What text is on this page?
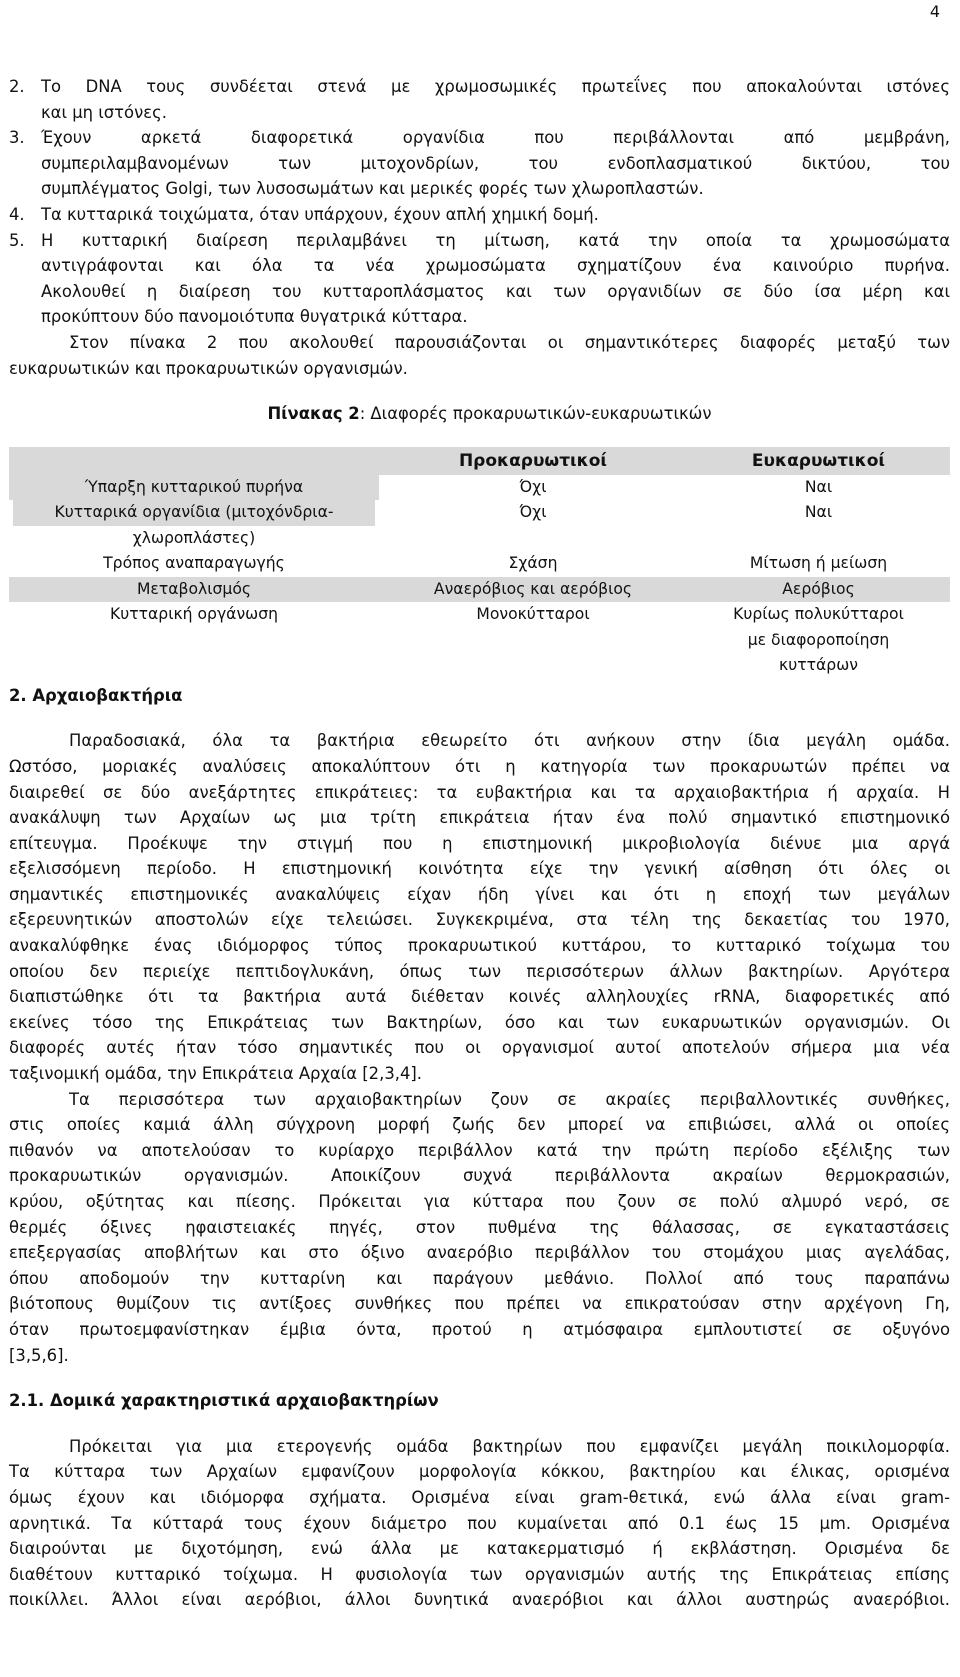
4
2. Το DNA τους συνδέεται στενά με χρωμοσωμικές πρωτεΐνες που αποκαλούνται ιστόνες
και μη ιστόνες.
3. Έχουν αρκετά διαφορετικά οργανίδια που περιβάλλονται από μεμβράνη,
συμπεριλαμβανομένων των μιτοχονδρίων, του ενδοπλασματικού δικτύου, του
συμπλέγματος Golgi, των λυσοσωμάτων και μερικές φορές των χλωροπλαστών.
4. Τα κυτταρικά τοιχώματα, όταν υπάρχουν, έχουν απλή χημική δομή.
5. Η κυτταρική διαίρεση περιλαμβάνει τη μίτωση, κατά την οποία τα χρωμοσώματα
αντιγράφονται και όλα τα νέα χρωμοσώματα σχηματίζουν ένα καινούριο πυρήνα.
Ακολουθεί η διαίρεση του κυτταροπλάσματος και των οργανιδίων σε δύο ίσα μέρη και
προκύπτουν δύο πανομοιότυπα θυγατρικά κύτταρα.
Στον πίνακα 2 που ακολουθεί παρουσιάζονται οι σημαντικότερες διαφορές μεταξύ των
ευκαρυωτικών και προκαρυωτικών οργανισμών.
Πίνακας 2: Διαφορές προκαρυωτικών-ευκαρυωτικών
	Προκαρυωτικοί	Ευκαρυωτικοί
Ύπαρξη κυτταρικού πυρήνα	Όχι	Ναι

Κυτταρικά οργανίδια (μιτοχόνδρια-
χλωροπλάστες)	Όχι	Ναι
Τρόπος αναπαραγωγής	Σχάση	Μίτωση ή μείωση
Μεταβολισμός	Αναερόβιος και αερόβιος	Αερόβιος
Κυτταρική οργάνωση	Μονοκύτταροι	Κυρίως πολυκύτταροι
με διαφοροποίηση
κυττάρων
2. Αρχαιοβακτήρια
Παραδοσιακά, όλα τα βακτήρια εθεωρείτο ότι ανήκουν στην ίδια μεγάλη ομάδα.
Ωστόσο, μοριακές αναλύσεις αποκαλύπτουν ότι η κατηγορία των προκαρυωτών πρέπει να
διαιρεθεί σε δύο ανεξάρτητες επικράτειες: τα ευβακτήρια και τα αρχαιοβακτήρια ή αρχαία. Η
ανακάλυψη των Αρχαίων ως μια τρίτη επικράτεια ήταν ένα πολύ σημαντικό επιστημονικό
επίτευγμα. Προέκυψε την στιγμή που η επιστημονική μικροβιολογία διένυε μια αργά
εξελισσόμενη περίοδο. Η επιστημονική κοινότητα είχε την γενική αίσθηση ότι όλες οι
σημαντικές επιστημονικές ανακαλύψεις είχαν ήδη γίνει και ότι η εποχή των μεγάλων
εξερευνητικών αποστολών είχε τελειώσει. Συγκεκριμένα, στα τέλη της δεκαετίας του 1970,
ανακαλύφθηκε ένας ιδιόμορφος τύπος προκαρυωτικού κυττάρου, το κυτταρικό τοίχωμα του
οποίου δεν περιείχε πεπτιδογλυκάνη, όπως των περισσότερων άλλων βακτηρίων. Αργότερα
διαπιστώθηκε ότι τα βακτήρια αυτά διέθεταν κοινές αλληλουχίες rRNA, διαφορετικές από
εκείνες τόσο της Επικράτειας των Βακτηρίων, όσο και των ευκαρυωτικών οργανισμών. Οι
διαφορές αυτές ήταν τόσο σημαντικές που οι οργανισμοί αυτοί αποτελούν σήμερα μια νέα
ταξινομική ομάδα, την Επικράτεια Αρχαία [2,3,4].
Τα περισσότερα των αρχαιοβακτηρίων ζουν σε ακραίες περιβαλλοντικές συνθήκες,
στις οποίες καμιά άλλη σύγχρονη μορφή ζωής δεν μπορεί να επιβιώσει, αλλά οι οποίες
πιθανόν να αποτελούσαν το κυρίαρχο περιβάλλον κατά την πρώτη περίοδο εξέλιξης των
προκαρυωτικών οργανισμών. Αποικίζουν συχνά περιβάλλοντα ακραίων θερμοκρασιών,
κρύου, οξύτητας και πίεσης. Πρόκειται για κύτταρα που ζουν σε πολύ αλμυρό νερό, σε
θερμές όξινες ηφαιστειακές πηγές, στον πυθμένα της θάλασσας, σε εγκαταστάσεις
επεξεργασίας αποβλήτων και στο όξινο αναερόβιο περιβάλλον του στομάχου μιας αγελάδας,
όπου αποδομούν την κυτταρίνη και παράγουν μεθάνιο. Πολλοί από τους παραπάνω
βιότοπους θυμίζουν τις αντίξοες συνθήκες που πρέπει να επικρατούσαν στην αρχέγονη Γη,
όταν πρωτοεμφανίστηκαν έμβια όντα, προτού η ατμόσφαιρα εμπλουτιστεί σε οξυγόνο
[3,5,6].
2.1. Δομικά χαρακτηριστικά αρχαιοβακτηρίων
Πρόκειται για μια ετερογενής ομάδα βακτηρίων που εμφανίζει μεγάλη ποικιλομορφία.
Τα κύτταρα των Αρχαίων εμφανίζουν μορφολογία κόκκου, βακτηρίου και έλικας, ορισμένα
όμως έχουν και ιδιόμορφα σχήματα. Ορισμένα είναι gram-θετικά, ενώ άλλα είναι gram-
αρνητικά. Τα κύτταρά τους έχουν διάμετρο που κυμαίνεται από 0.1 έως 15 μm. Ορισμένα
διαιρούνται με διχοτόμηση, ενώ άλλα με κατακερματισμό ή εκβλάστηση. Ορισμένα δε
διαθέτουν κυτταρικό τοίχωμα. Η φυσιολογία των οργανισμών αυτής της Επικράτειας επίσης
ποικίλλει. Άλλοι είναι αερόβιοι, άλλοι δυνητικά αναερόβιοι και άλλοι αυστηρώς αναερόβιοι.
